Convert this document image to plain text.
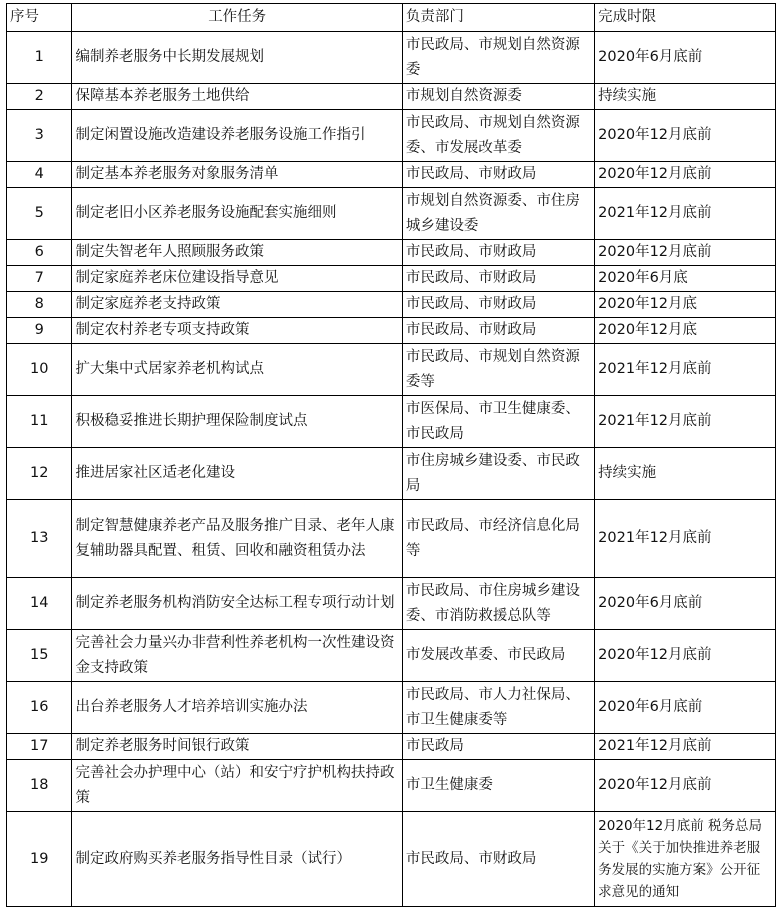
序号	工作任务	负责部门	完成时限
1	编制养老服务中长期发展规划	市民政局、市规划自然资源委	2020年6月底前
2	保障基本养老服务土地供给	市规划自然资源委	持续实施
3	制定闲置设施改造建设养老服务设施工作指引	市民政局、市规划自然资源委、市发展改革委	2020年12月底前
4	制定基本养老服务对象服务清单	市民政局、市财政局	2020年12月底前
5	制定老旧小区养老服务设施配套实施细则	市规划自然资源委、市住房城乡建设委	2021年12月底前
6	制定失智老年人照顾服务政策	市民政局、市财政局	2020年12月底前
7	制定家庭养老床位建设指导意见	市民政局、市财政局	2020年6月底
8	制定家庭养老支持政策	市民政局、市财政局	2020年12月底
9	制定农村养老专项支持政策	市民政局、市财政局	2020年12月底
10	扩大集中式居家养老机构试点	市民政局、市规划自然资源委等	2021年12月底前
11	积极稳妥推进长期护理保险制度试点	市医保局、市卫生健康委、市民政局	2021年12月底前
12	推进居家社区适老化建设	市住房城乡建设委、市民政局	持续实施
13	制定智慧健康养老产品及服务推广目录、老年人康复辅助器具配置、租赁、回收和融资租赁办法	市民政局、市经济信息化局等	2021年12月底前
14	制定养老服务机构消防安全达标工程专项行动计划	市民政局、市住房城乡建设委、市消防救援总队等	2020年6月底前
15	完善社会力量兴办非营利性养老机构一次性建设资金支持政策	市发展改革委、市民政局	2020年12月底前
16	出台养老服务人才培养培训实施办法	市民政局、市人力社保局、市卫生健康委等	2020年6月底前
17	制定养老服务时间银行政策	市民政局	2021年12月底前
18	完善社会办护理中心（站）和安宁疗护机构扶持政策	市卫生健康委	2020年12月底前
19	制定政府购买养老服务指导性目录（试行）	市民政局、市财政局	2020年12月底前 税务总局 关于《关于加快推进养老服务发展的实施方案》公开征求意见的通知
